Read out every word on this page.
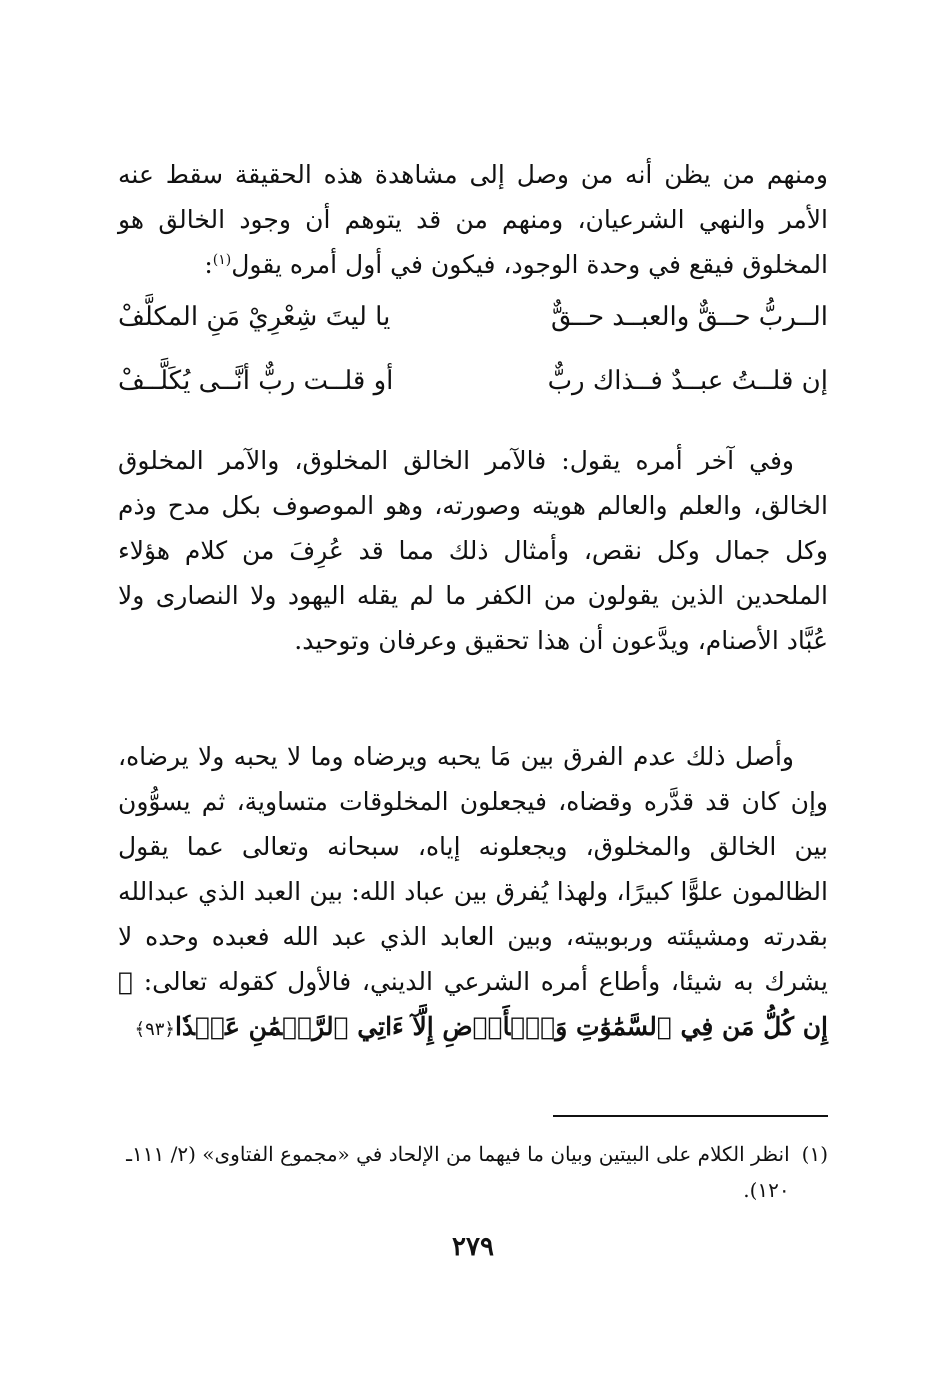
ومنهم من يظن أنه من وصل إلى مشاهدة هذه الحقيقة سقط عنه الأمر والنهي الشرعيان، ومنهم من قد يتوهم أن وجود الخالق هو المخلوق فيقع في وحدة الوجود، فيكون في أول أمره يقول$^{(١)}$:

الــربُّ حــقٌّ والعبــد حــقٌّ
يا ليتَ شِعْرِيْ مَنِ المكلَّفْ
إن قلــتُ عبــدٌ فــذاك ربٌّ
أو قلــت ربٌّ أنَّــى يُكَلَّــفْ

وفي آخر أمره يقول: فالآمر الخالق المخلوق، والآمر المخلوق الخالق، والعلم والعالم هويته وصورته، وهو الموصوف بكل مدح وذم وكل جمال وكل نقص، وأمثال ذلك مما قد عُرِفَ من كلام هؤلاء الملحدين الذين يقولون من الكفر ما لم يقله اليهود ولا النصارى ولا عُبَّاد الأصنام، ويدَّعون أن هذا تحقيق وعرفان وتوحيد.

وأصل ذلك عدم الفرق بين مَا يحبه ويرضاه وما لا يحبه ولا يرضاه، وإن كان قد قدَّره وقضاه، فيجعلون المخلوقات متساوية، ثم يسوُّون بين الخالق والمخلوق، ويجعلونه إياه، سبحانه وتعالى عما يقول الظالمون علوًّا كبيرًا، ولهذا يُفرق بين عباد الله: بين العبد الذي عبدالله بقدرته ومشيئته وربوبيته، وبين العابد الذي عبد الله فعبده وحده لا يشرك به شيئا، وأطاع أمره الشرعي الديني، فالأول كقوله تعالى: ﴿ إِن كُلُّ مَن فِي ٱلسَّمَٰوَٰتِ وَٱلۡأَرۡضِ إِلَّآ ءَاتِي ٱلرَّحۡمَٰنِ عَبۡدٗا﴿٩٣﴾

(١)
انظر الكلام على البيتين وبيان ما فيهما من الإلحاد في «مجموع الفتاوى» (٢/ ١١١ـ ١٢٠).
٢٧٩
